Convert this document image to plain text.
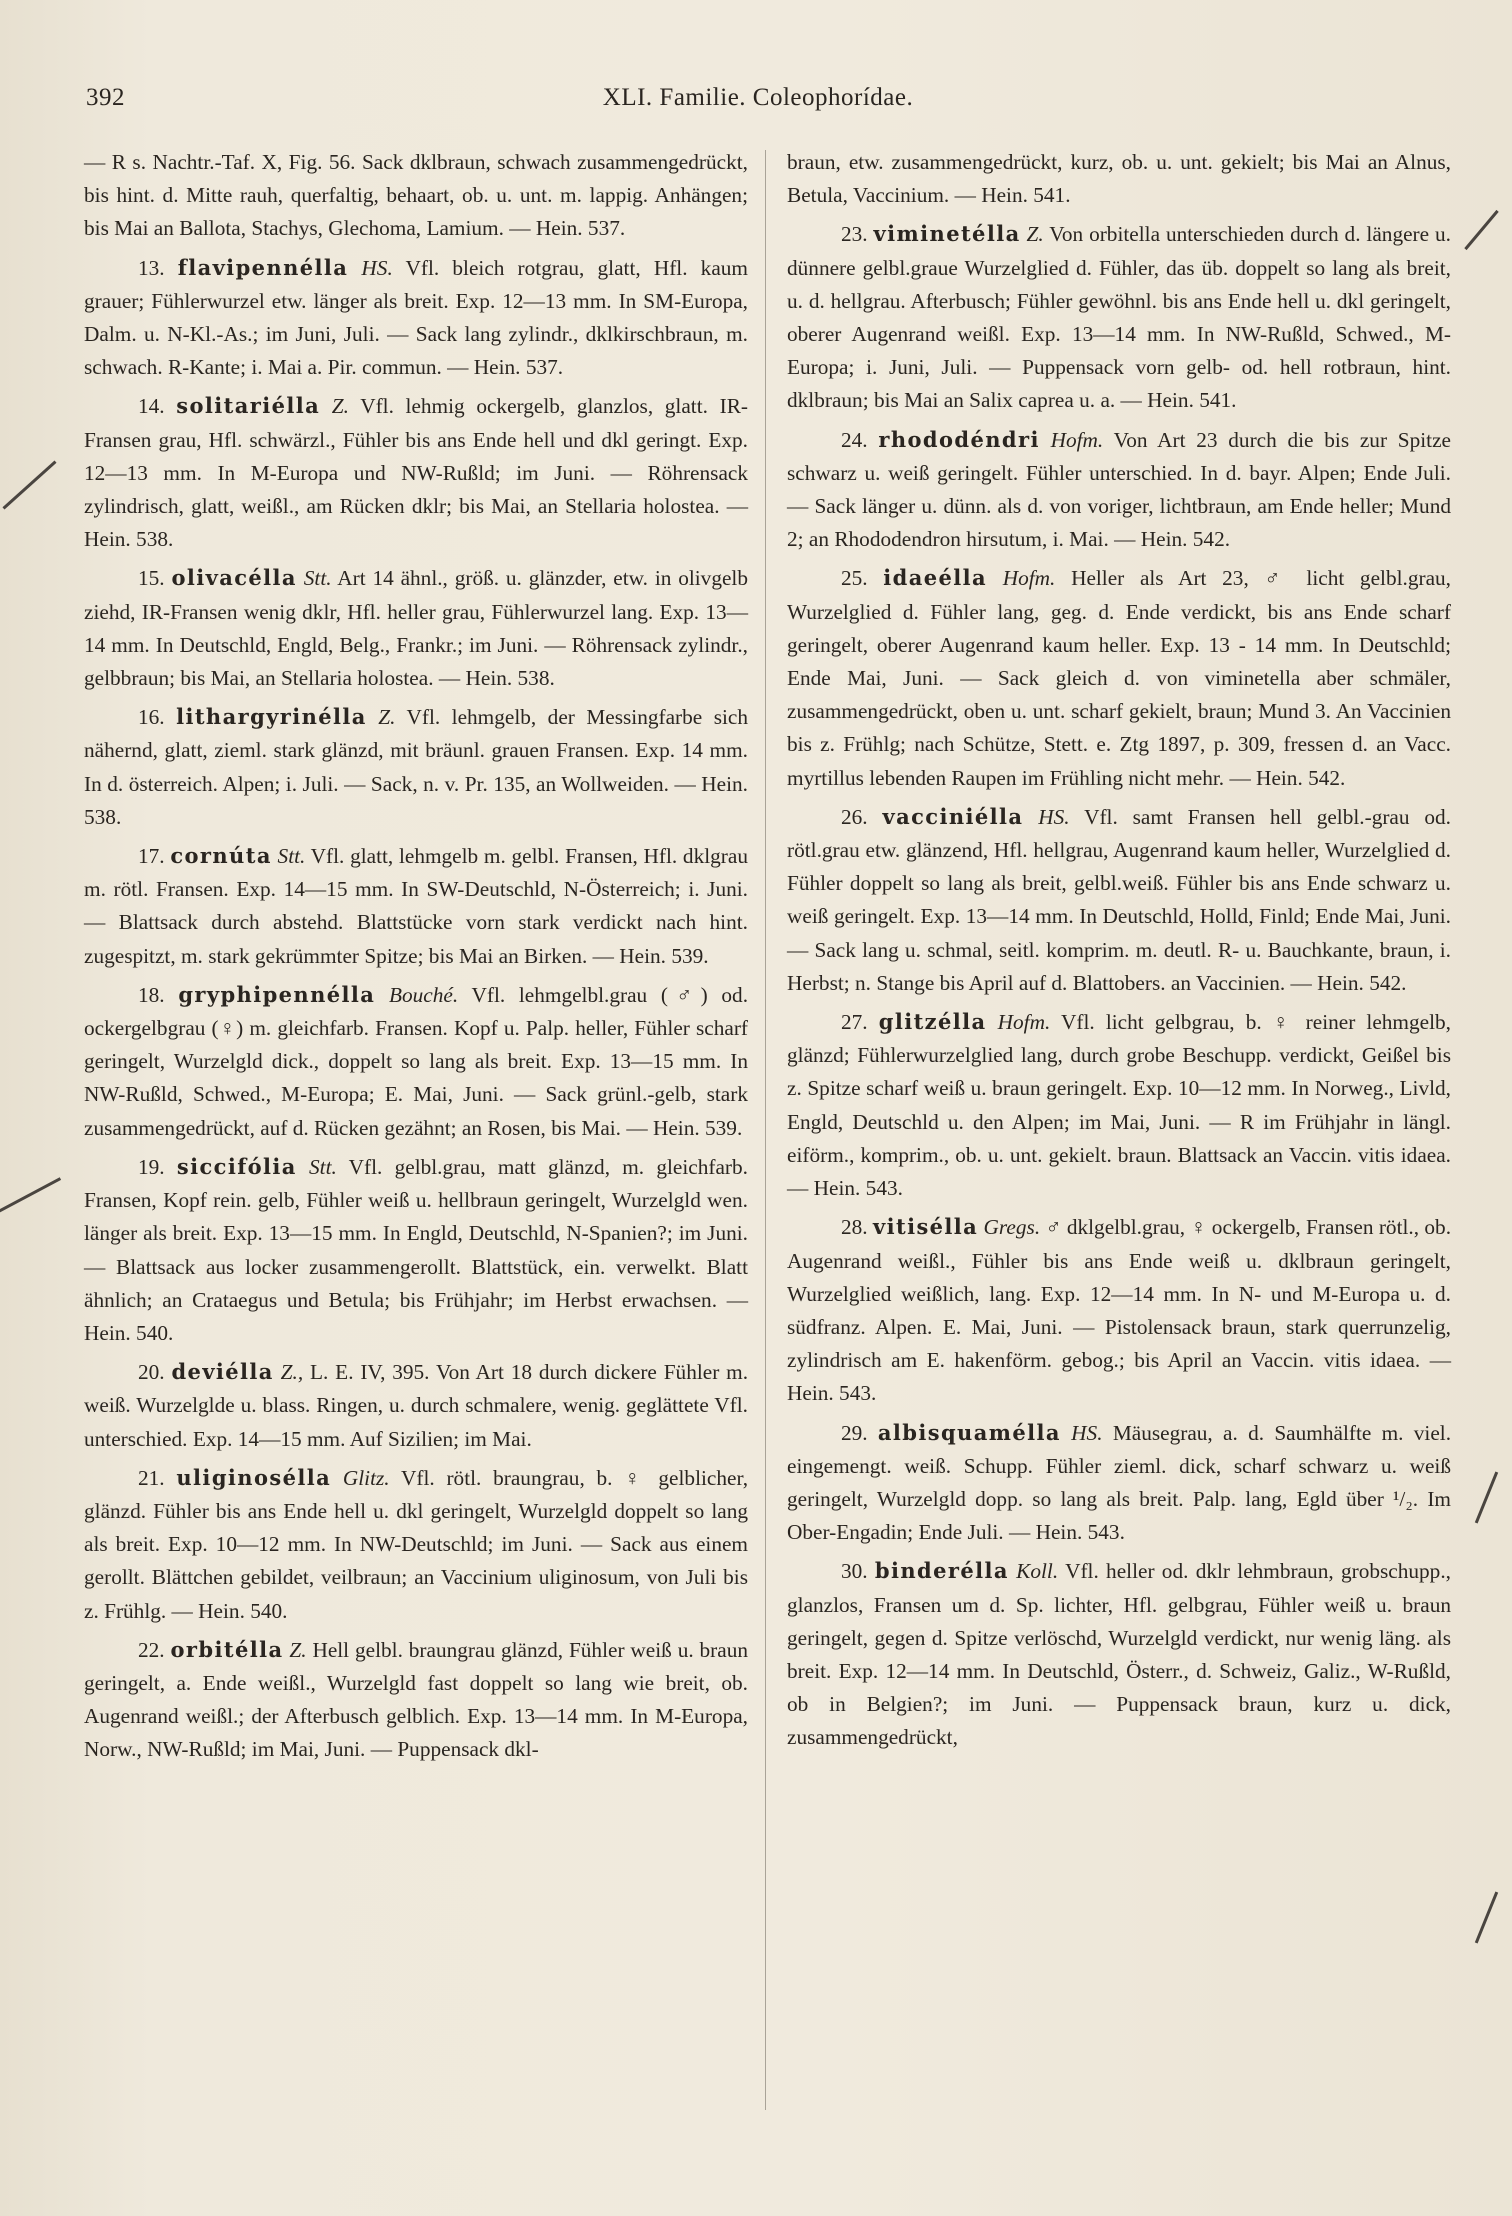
392	XLI. Familie. Coleophorídae.

— R s. Nachtr.-Taf. X, Fig. 56. Sack dklbraun, schwach zusammengedrückt, bis hint. d. Mitte rauh, querfaltig, behaart, ob. u. unt. m. lappig. Anhängen; bis Mai an Ballota, Stachys, Glechoma, Lamium. — Hein. 537.

13. flavipennélla HS. Vfl. bleich rotgrau, glatt, Hfl. kaum grauer; Fühlerwurzel etw. länger als breit. Exp. 12—13 mm. In SM-Europa, Dalm. u. N-Kl.-As.; im Juni, Juli. — Sack lang zylindr., dklkirschbraun, m. schwach. R-Kante; i. Mai a. Pir. commun. — Hein. 537.

14. solitariélla Z. Vfl. lehmig ockergelb, glanzlos, glatt. IR-Fransen grau, Hfl. schwärzl., Fühler bis ans Ende hell und dkl geringt. Exp. 12—13 mm. In M-Europa und NW-Rußld; im Juni. — Röhrensack zylindrisch, glatt, weißl., am Rücken dklr; bis Mai, an Stellaria holostea. — Hein. 538.

15. olivacélla Stt. Art 14 ähnl., größ. u. glänzder, etw. in olivgelb ziehd, IR-Fransen wenig dklr, Hfl. heller grau, Fühlerwurzel lang. Exp. 13—14 mm. In Deutschld, Engld, Belg., Frankr.; im Juni. — Röhrensack zylindr., gelbbraun; bis Mai, an Stellaria holostea. — Hein. 538.

16. lithargyrinélla Z. Vfl. lehmgelb, der Messingfarbe sich nähernd, glatt, zieml. stark glänzd, mit bräunl. grauen Fransen. Exp. 14 mm. In d. österreich. Alpen; i. Juli. — Sack, n. v. Pr. 135, an Wollweiden. — Hein. 538.

17. cornúta Stt. Vfl. glatt, lehmgelb m. gelbl. Fransen, Hfl. dklgrau m. rötl. Fransen. Exp. 14—15 mm. In SW-Deutschld, N-Österreich; i. Juni. — Blattsack durch abstehd. Blattstücke vorn stark verdickt nach hint. zugespitzt, m. stark gekrümmter Spitze; bis Mai an Birken. — Hein. 539.

18. gryphipennélla Bouché. Vfl. lehmgelbl.grau (♂) od. ockergelbgrau (♀) m. gleichfarb. Fransen. Kopf u. Palp. heller, Fühler scharf geringelt, Wurzelgld dick., doppelt so lang als breit. Exp. 13—15 mm. In NW-Rußld, Schwed., M-Europa; E. Mai, Juni. — Sack grünl.-gelb, stark zusammengedrückt, auf d. Rücken gezähnt; an Rosen, bis Mai. — Hein. 539.

19. siccifólia Stt. Vfl. gelbl.grau, matt glänzd, m. gleichfarb. Fransen, Kopf rein. gelb, Fühler weiß u. hellbraun geringelt, Wurzelgld wen. länger als breit. Exp. 13—15 mm. In Engld, Deutschld, N-Spanien?; im Juni. — Blattsack aus locker zusammengerollt. Blattstück, ein. verwelkt. Blatt ähnlich; an Crataegus und Betula; bis Frühjahr; im Herbst erwachsen. — Hein. 540.

20. deviélla Z., L. E. IV, 395. Von Art 18 durch dickere Fühler m. weiß. Wurzelglde u. blass. Ringen, u. durch schmalere, wenig. geglättete Vfl. unterschied. Exp. 14—15 mm. Auf Sizilien; im Mai.

21. uliginosélla Glitz. Vfl. rötl. braungrau, b. ♀ gelblicher, glänzd. Fühler bis ans Ende hell u. dkl geringelt, Wurzelgld doppelt so lang als breit. Exp. 10—12 mm. In NW-Deutschld; im Juni. — Sack aus einem gerollt. Blättchen gebildet, veilbraun; an Vaccinium uliginosum, von Juli bis z. Frühlg. — Hein. 540.

22. orbitélla Z. Hell gelbl. braungrau glänzd, Fühler weiß u. braun geringelt, a. Ende weißl., Wurzelgld fast doppelt so lang wie breit, ob. Augenrand weißl.; der Afterbusch gelblich. Exp. 13—14 mm. In M-Europa, Norw., NW-Rußld; im Mai, Juni. — Puppensack dkl-

braun, etw. zusammengedrückt, kurz, ob. u. unt. gekielt; bis Mai an Alnus, Betula, Vaccinium. — Hein. 541.

23. viminetélla Z. Von orbitella unterschieden durch d. längere u. dünnere gelbl.graue Wurzelglied d. Fühler, das üb. doppelt so lang als breit, u. d. hellgrau. Afterbusch; Fühler gewöhnl. bis ans Ende hell u. dkl geringelt, oberer Augenrand weißl. Exp. 13—14 mm. In NW-Rußld, Schwed., M-Europa; i. Juni, Juli. — Puppensack vorn gelb- od. hell rotbraun, hint. dklbraun; bis Mai an Salix caprea u. a. — Hein. 541.

24. rhododéndri Hofm. Von Art 23 durch die bis zur Spitze schwarz u. weiß geringelt. Fühler unterschied. In d. bayr. Alpen; Ende Juli. — Sack länger u. dünn. als d. von voriger, lichtbraun, am Ende heller; Mund 2; an Rhododendron hirsutum, i. Mai. — Hein. 542.

25. idaeélla Hofm. Heller als Art 23, ♂ licht gelbl.grau, Wurzelglied d. Fühler lang, geg. d. Ende verdickt, bis ans Ende scharf geringelt, oberer Augenrand kaum heller. Exp. 13 - 14 mm. In Deutschld; Ende Mai, Juni. — Sack gleich d. von viminetella aber schmäler, zusammengedrückt, oben u. unt. scharf gekielt, braun; Mund 3. An Vaccinien bis z. Frühlg; nach Schütze, Stett. e. Ztg 1897, p. 309, fressen d. an Vacc. myrtillus lebenden Raupen im Frühling nicht mehr. — Hein. 542.

26. vacciniélla HS. Vfl. samt Fransen hell gelbl.-grau od. rötl.grau etw. glänzend, Hfl. hellgrau, Augenrand kaum heller, Wurzelglied d. Fühler doppelt so lang als breit, gelbl.weiß. Fühler bis ans Ende schwarz u. weiß geringelt. Exp. 13—14 mm. In Deutschld, Holld, Finld; Ende Mai, Juni. — Sack lang u. schmal, seitl. komprim. m. deutl. R- u. Bauchkante, braun, i. Herbst; n. Stange bis April auf d. Blattobers. an Vaccinien. — Hein. 542.

27. glitzélla Hofm. Vfl. licht gelbgrau, b. ♀ reiner lehmgelb, glänzd; Fühlerwurzelglied lang, durch grobe Beschupp. verdickt, Geißel bis z. Spitze scharf weiß u. braun geringelt. Exp. 10—12 mm. In Norweg., Livld, Engld, Deutschld u. den Alpen; im Mai, Juni. — R im Frühjahr in längl. eiförm., komprim., ob. u. unt. gekielt. braun. Blattsack an Vaccin. vitis idaea. — Hein. 543.

28. vitisélla Gregs. ♂ dklgelbl.grau, ♀ ockergelb, Fransen rötl., ob. Augenrand weißl., Fühler bis ans Ende weiß u. dklbraun geringelt, Wurzelglied weißlich, lang. Exp. 12—14 mm. In N- und M-Europa u. d. südfranz. Alpen. E. Mai, Juni. — Pistolensack braun, stark querrunzelig, zylindrisch am E. hakenförm. gebog.; bis April an Vaccin. vitis idaea. — Hein. 543.

29. albisquamélla HS. Mäusegrau, a. d. Saumhälfte m. viel. eingemengt. weiß. Schupp. Fühler zieml. dick, scharf schwarz u. weiß geringelt, Wurzelgld dopp. so lang als breit. Palp. lang, Egld über ¹/₂. Im Ober-Engadin; Ende Juli. — Hein. 543.

30. binderélla Koll. Vfl. heller od. dklr lehmbraun, grobschupp., glanzlos, Fransen um d. Sp. lichter, Hfl. gelbgrau, Fühler weiß u. braun geringelt, gegen d. Spitze verlöschd, Wurzelgld verdickt, nur wenig läng. als breit. Exp. 12—14 mm. In Deutschld, Österr., d. Schweiz, Galiz., W-Rußld, ob in Belgien?; im Juni. — Puppensack braun, kurz u. dick, zusammengedrückt,
